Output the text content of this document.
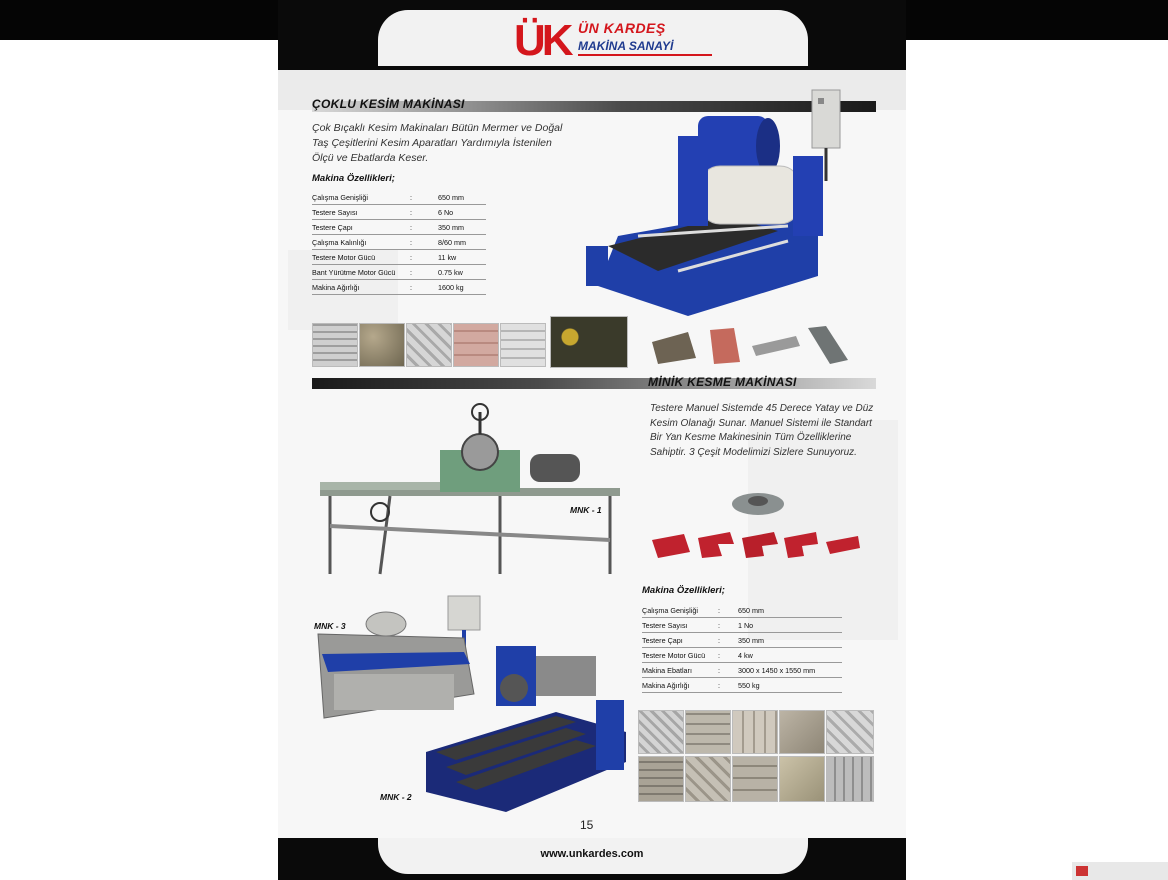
ÜK ÜN KARDEŞ
MAKİNA SANAYİ
ÇOKLU KESİM MAKİNASI
Çok Bıçaklı Kesim Makinaları Bütün Mermer ve Doğal Taş Çeşitlerini Kesim Aparatları Yardımıyla İstenilen Ölçü ve Ebatlarda Keser.
Makina Özellikleri;
Çalışma Genişliği	:	650 mm
Testere Sayısı	:	6 No
Testere Çapı	:	350 mm
Çalışma Kalınlığı	:	8/60 mm
Testere Motor Gücü	:	11 kw
Bant Yürütme Motor Gücü :	0.75 kw
Makina Ağırlığı	:	1600 kg
MİNİK KESME MAKİNASI
Testere Manuel Sistemde 45 Derece Yatay ve Düz Kesim Olanağı Sunar. Manuel Sistemi ile Standart Bir Yan Kesme Makinesinin Tüm Özelliklerine Sahiptir. 3 Çeşit Modelimizi Sizlere Sunuyoruz.
MNK - 1
Makina Özellikleri;
Çalışma Genişliği	:	650 mm
Testere Sayısı	:	1 No
Testere Çapı	:	350 mm
Testere Motor Gücü :	4 kw
Makina Ebatları	:	3000 x 1450 x 1550 mm
Makina Ağırlığı	:	550 kg
MNK - 3
MNK - 2
15
www.unkardes.com
